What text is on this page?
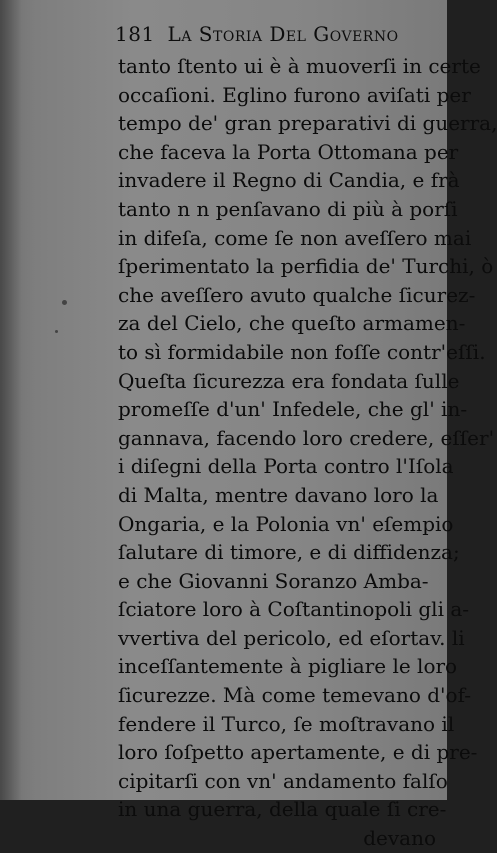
181 La Storia Del Governo
tanto ſtento ui è à muoverſi in certe
occaſioni. Eglino furono aviſati per
tempo de' gran preparativi di guerra,
che faceva la Porta Ottomana per
invadere il Regno di Candia, e frà
tanto n n penſavano di più à porſi
in difeſa, come ſe non aveſſero mai
ſperimentato la perfidia de' Turchi, ò
che aveſſero avuto qualche ſicurez-
za del Cielo, che queſto armamen-
to sì formidabile non foſſe contr'eſſi.
Queſta ſicurezza era fondata ſulle
promeſſe d'un' Infedele, che gl' in-
gannava, facendo loro credere, eſſer'
i diſegni della Porta contro l'Iſola
di Malta, mentre davano loro la
Ongaria, e la Polonia vn' eſempio
ſalutare di timore, e di diffidenza;
e che Giovanni Soranzo Amba-
ſciatore loro à Coſtantinopoli gli a-
vvertiva del pericolo, ed eſortav. li
inceſſantemente à pigliare le loro
ſicurezze. Mà come temevano d'of-
fendere il Turco, ſe moſtravano il
loro ſoſpetto apertamente, e di pre-
cipitarſi con vn' andamento falſo
in una guerra, della quale ſi cre-
devano
